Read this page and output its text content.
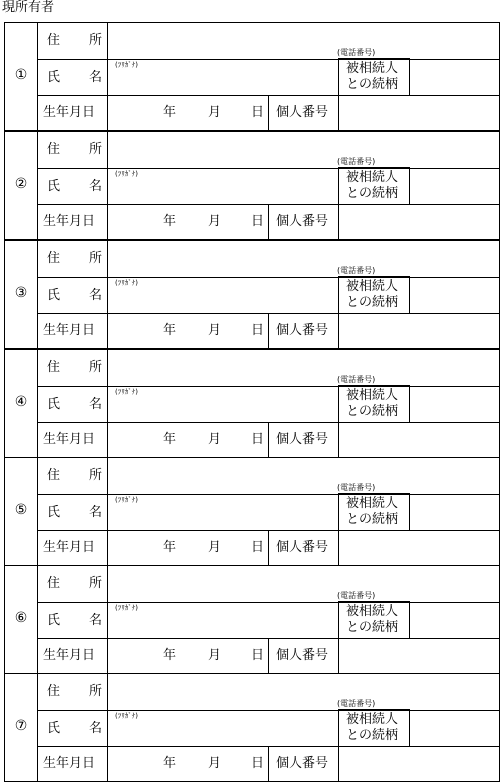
現所有者
①
住 所
(電話番号)
氏 名
(ﾌﾘｶﾞﾅ)	被相続人
との続柄
生年月日	年 月 日 個人番号
②
住 所
(電話番号)
氏 名
(ﾌﾘｶﾞﾅ)	被相続人
との続柄
生年月日	年 月 日 個人番号
③
住 所
(電話番号)
氏 名
(ﾌﾘｶﾞﾅ)	被相続人
との続柄
生年月日	年 月 日 個人番号
④
住 所
(電話番号)
氏 名
(ﾌﾘｶﾞﾅ)	被相続人
との続柄
生年月日	年 月 日 個人番号
⑤
住 所
(電話番号)
氏 名
(ﾌﾘｶﾞﾅ)	被相続人
との続柄
生年月日	年 月 日 個人番号
⑥
住 所
(電話番号)
氏 名
(ﾌﾘｶﾞﾅ)	被相続人
との続柄
生年月日	年 月 日 個人番号
⑦
住 所
(電話番号)
氏 名
(ﾌﾘｶﾞﾅ)	被相続人
との続柄
生年月日	年 月 日 個人番号
